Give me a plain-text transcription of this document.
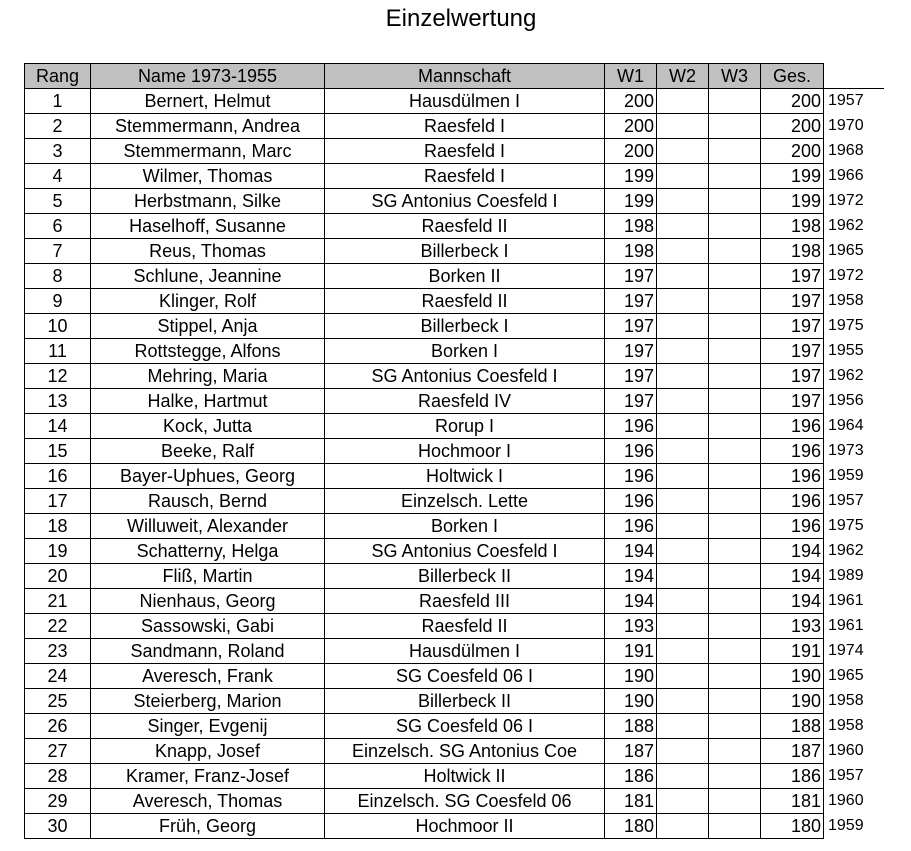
Einzelwertung
Rang	Name 1973-1955	Mannschaft	W1	W2	W3	Ges.	
1	Bernert, Helmut	Hausdülmen I	200			200	1957
2	Stemmermann, Andrea	Raesfeld I	200			200	1970
3	Stemmermann, Marc	Raesfeld I	200			200	1968
4	Wilmer, Thomas	Raesfeld I	199			199	1966
5	Herbstmann, Silke	SG Antonius Coesfeld I	199			199	1972
6	Haselhoff, Susanne	Raesfeld II	198			198	1962
7	Reus, Thomas	Billerbeck I	198			198	1965
8	Schlune, Jeannine	Borken II	197			197	1972
9	Klinger, Rolf	Raesfeld II	197			197	1958
10	Stippel, Anja	Billerbeck I	197			197	1975
11	Rottstegge, Alfons	Borken I	197			197	1955
12	Mehring, Maria	SG Antonius Coesfeld I	197			197	1962
13	Halke, Hartmut	Raesfeld IV	197			197	1956
14	Kock, Jutta	Rorup I	196			196	1964
15	Beeke, Ralf	Hochmoor I	196			196	1973
16	Bayer-Uphues, Georg	Holtwick I	196			196	1959
17	Rausch, Bernd	Einzelsch. Lette	196			196	1957
18	Willuweit, Alexander	Borken I	196			196	1975
19	Schatterny, Helga	SG Antonius Coesfeld I	194			194	1962
20	Fliß, Martin	Billerbeck II	194			194	1989
21	Nienhaus, Georg	Raesfeld III	194			194	1961
22	Sassowski, Gabi	Raesfeld II	193			193	1961
23	Sandmann, Roland	Hausdülmen I	191			191	1974
24	Averesch, Frank	SG Coesfeld 06 I	190			190	1965
25	Steierberg, Marion	Billerbeck II	190			190	1958
26	Singer, Evgenij	SG Coesfeld 06 I	188			188	1958
27	Knapp, Josef	Einzelsch. SG Antonius Coe	187			187	1960
28	Kramer, Franz-Josef	Holtwick II	186			186	1957
29	Averesch, Thomas	Einzelsch. SG Coesfeld 06	181			181	1960
30	Früh, Georg	Hochmoor II	180			180	1959
